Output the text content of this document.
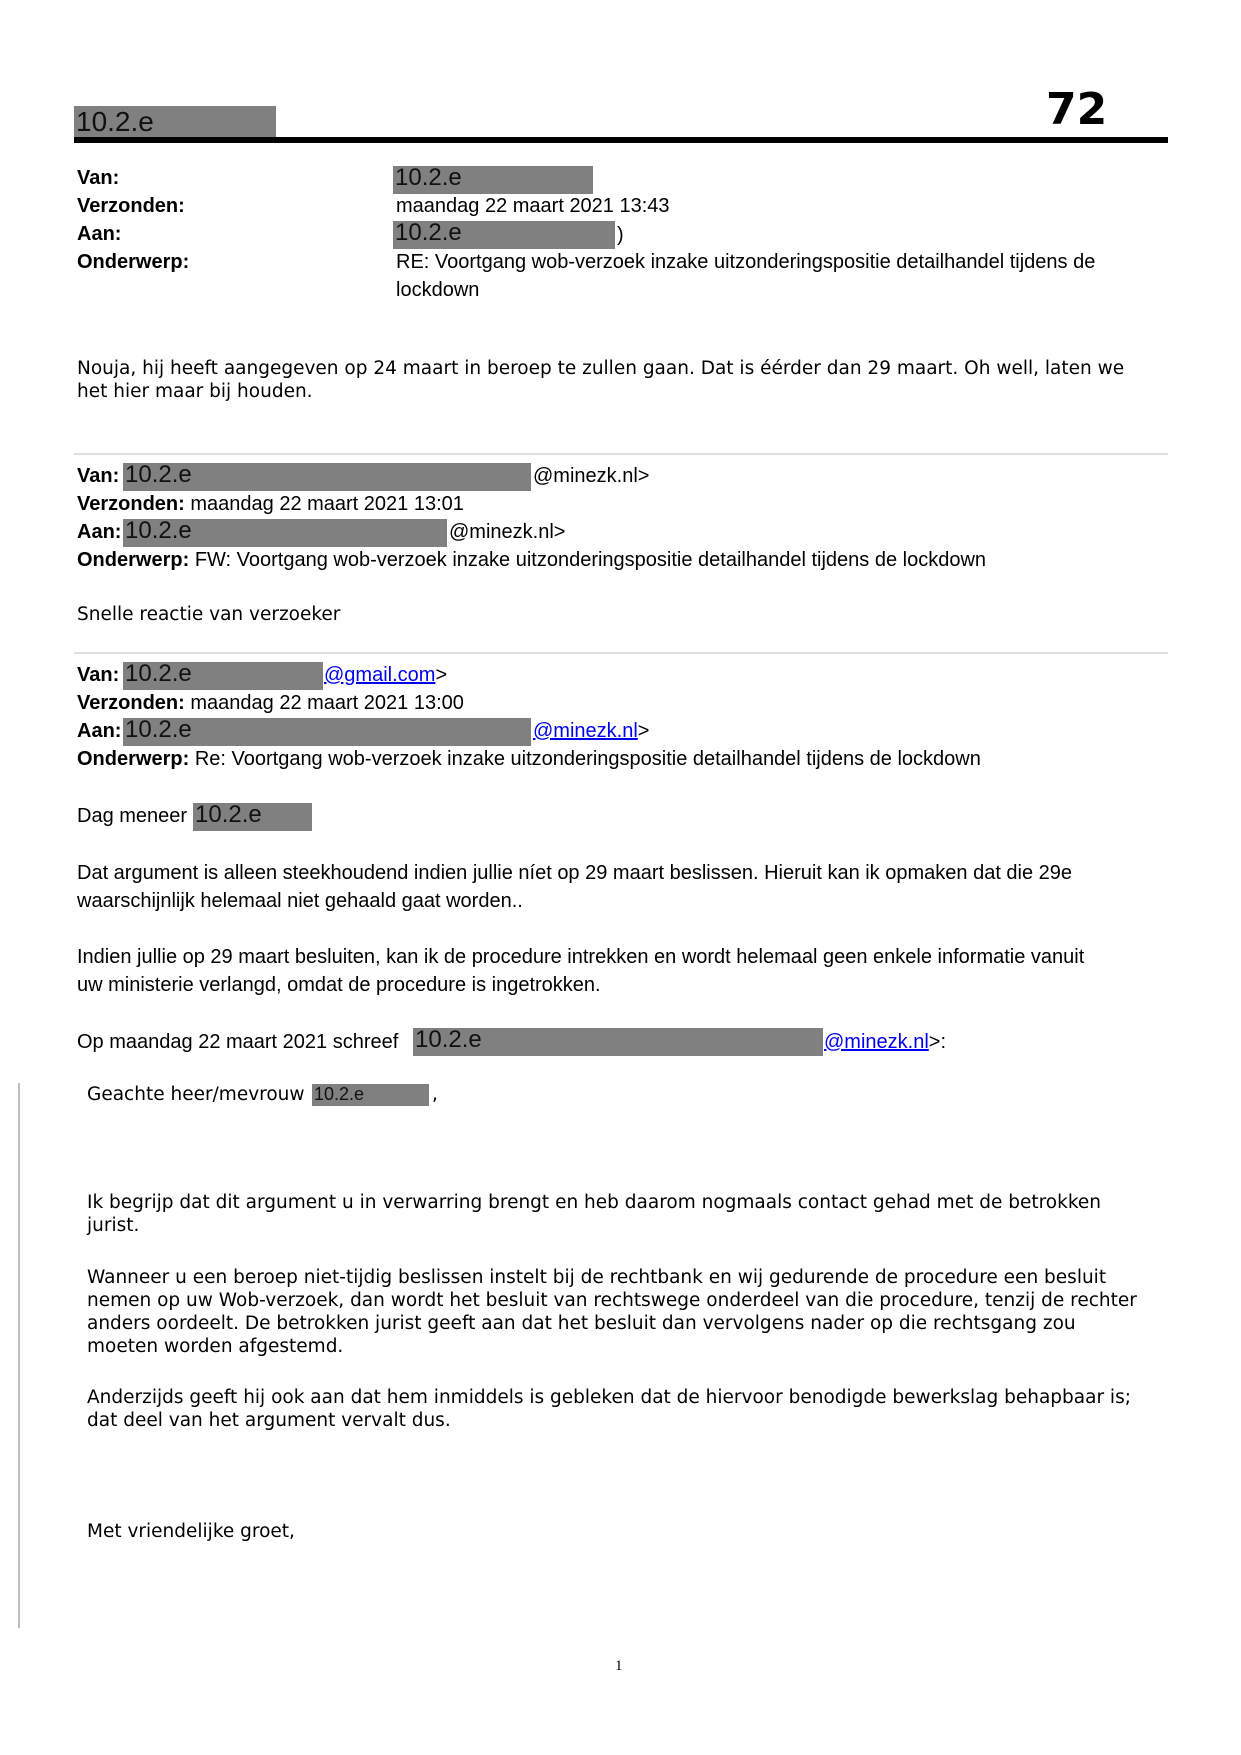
10.2.e	72
Van:	10.2.e
Verzonden:	maandag 22 maart 2021 13:43
Aan:	10.2.e	)
Onderwerp:	RE: Voortgang wob-verzoek inzake uitzonderingspositie detailhandel tijdens de
lockdown
Nouja, hij heeft aangegeven op 24 maart in beroep te zullen gaan. Dat is éérder dan 29 maart. Oh well, laten we
het hier maar bij houden.
Van: 10.2.e	@minezk.nl>
Verzonden: maandag 22 maart 2021 13:01
Aan: 10.2.e	@minezk.nl>
Onderwerp: FW: Voortgang wob-verzoek inzake uitzonderingspositie detailhandel tijdens de lockdown
Snelle reactie van verzoeker
Van: 10.2.e	@gmail.com>
Verzonden: maandag 22 maart 2021 13:00
Aan: 10.2.e	@minezk.nl>
Onderwerp: Re: Voortgang wob-verzoek inzake uitzonderingspositie detailhandel tijdens de lockdown
Dag meneer 10.2.e
Dat argument is alleen steekhoudend indien jullie níet op 29 maart beslissen. Hieruit kan ik opmaken dat die 29e
waarschijnlijk helemaal niet gehaald gaat worden..
Indien jullie op 29 maart besluiten, kan ik de procedure intrekken en wordt helemaal geen enkele informatie vanuit
uw ministerie verlangd, omdat de procedure is ingetrokken.
Op maandag 22 maart 2021 schreef 10.2.e	@minezk.nl>:
Geachte heer/mevrouw 10.2.e	,
Ik begrijp dat dit argument u in verwarring brengt en heb daarom nogmaals contact gehad met de betrokken
jurist.
Wanneer u een beroep niet-tijdig beslissen instelt bij de rechtbank en wij gedurende de procedure een besluit
nemen op uw Wob-verzoek, dan wordt het besluit van rechtswege onderdeel van die procedure, tenzij de rechter
anders oordeelt. De betrokken jurist geeft aan dat het besluit dan vervolgens nader op die rechtsgang zou
moeten worden afgestemd.
Anderzijds geeft hij ook aan dat hem inmiddels is gebleken dat de hiervoor benodigde bewerkslag behapbaar is;
dat deel van het argument vervalt dus.
Met vriendelijke groet,
1
